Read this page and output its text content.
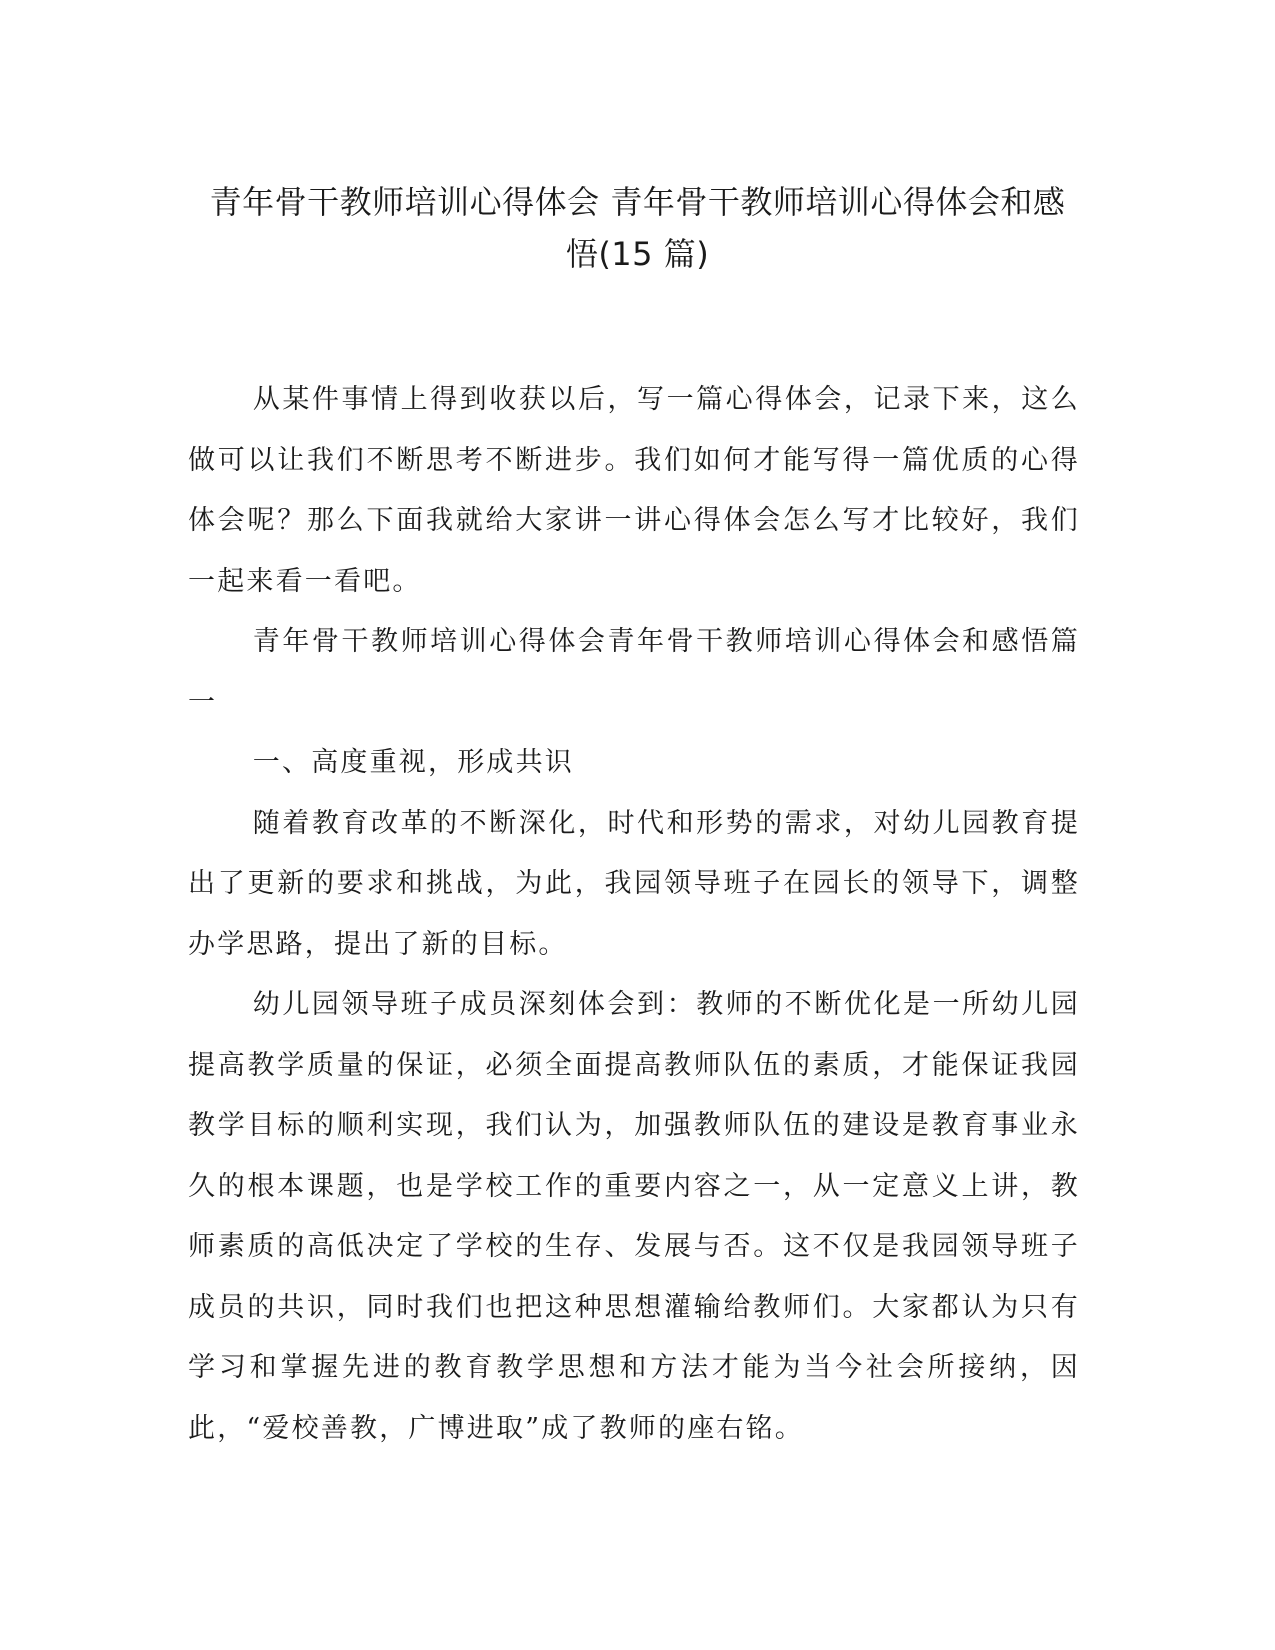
青年骨干教师培训心得体会 青年骨干教师培训心得体会和感
悟(15 篇)

从某件事情上得到收获以后，写一篇心得体会，记录下来，这么做可以让我们不断思考不断进步。我们如何才能写得一篇优质的心得体会呢？那么下面我就给大家讲一讲心得体会怎么写才比较好，我们一起来看一看吧。

青年骨干教师培训心得体会青年骨干教师培训心得体会和感悟篇一

一、高度重视，形成共识

随着教育改革的不断深化，时代和形势的需求，对幼儿园教育提出了更新的要求和挑战，为此，我园领导班子在园长的领导下，调整办学思路，提出了新的目标。

幼儿园领导班子成员深刻体会到：教师的不断优化是一所幼儿园提高教学质量的保证，必须全面提高教师队伍的素质，才能保证我园教学目标的顺利实现，我们认为，加强教师队伍的建设是教育事业永久的根本课题，也是学校工作的重要内容之一，从一定意义上讲，教师素质的高低决定了学校的生存、发展与否。这不仅是我园领导班子成员的共识，同时我们也把这种思想灌输给教师们。大家都认为只有学习和掌握先进的教育教学思想和方法才能为当今社会所接纳，因此，“爱校善教，广博进取”成了教师的座右铭。
